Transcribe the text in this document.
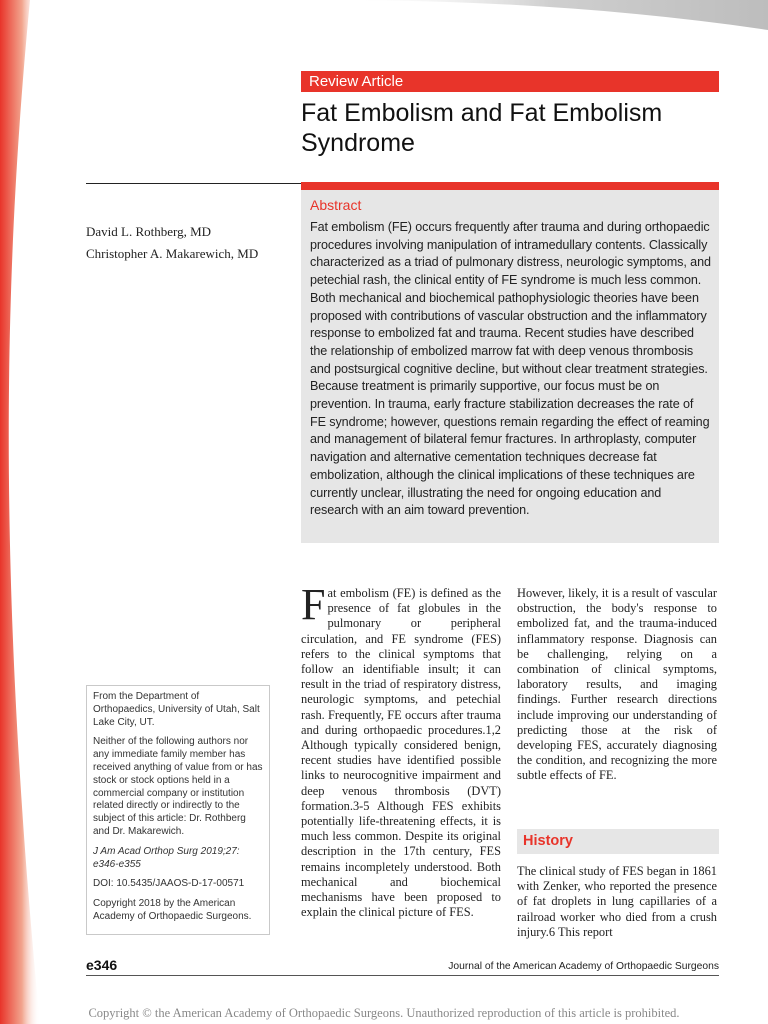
Review Article
Fat Embolism and Fat Embolism Syndrome
Abstract

Fat embolism (FE) occurs frequently after trauma and during orthopaedic procedures involving manipulation of intramedullary contents. Classically characterized as a triad of pulmonary distress, neurologic symptoms, and petechial rash, the clinical entity of FE syndrome is much less common. Both mechanical and biochemical pathophysiologic theories have been proposed with contributions of vascular obstruction and the inflammatory response to embolized fat and trauma. Recent studies have described the relationship of embolized marrow fat with deep venous thrombosis and postsurgical cognitive decline, but without clear treatment strategies. Because treatment is primarily supportive, our focus must be on prevention. In trauma, early fracture stabilization decreases the rate of FE syndrome; however, questions remain regarding the effect of reaming and management of bilateral femur fractures. In arthroplasty, computer navigation and alternative cementation techniques decrease fat embolization, although the clinical implications of these techniques are currently unclear, illustrating the need for ongoing education and research with an aim toward prevention.

David L. Rothberg, MD
Christopher A. Makarewich, MD

From the Department of Orthopaedics, University of Utah, Salt Lake City, UT.

Neither of the following authors nor any immediate family member has received anything of value from or has stock or stock options held in a commercial company or institution related directly or indirectly to the subject of this article: Dr. Rothberg and Dr. Makarewich.

J Am Acad Orthop Surg 2019;27: e346-e355

DOI: 10.5435/JAAOS-D-17-00571

Copyright 2018 by the American Academy of Orthopaedic Surgeons.

Fat embolism (FE) is defined as the presence of fat globules in the pulmonary or peripheral circulation, and FE syndrome (FES) refers to the clinical symptoms that follow an identifiable insult; it can result in the triad of respiratory distress, neurologic symptoms, and petechial rash. Frequently, FE occurs after trauma and during orthopaedic procedures.1,2 Although typically considered benign, recent studies have identified possible links to neurocognitive impairment and deep venous thrombosis (DVT) formation.3-5 Although FES exhibits potentially life-threatening effects, it is much less common. Despite its original description in the 17th century, FES remains incompletely understood. Both mechanical and biochemical mechanisms have been proposed to explain the clinical picture of FES.
However, likely, it is a result of vascular obstruction, the body's response to embolized fat, and the trauma-induced inflammatory response. Diagnosis can be challenging, relying on a combination of clinical symptoms, laboratory results, and imaging findings. Further research directions include improving our understanding of predicting those at the risk of developing FES, accurately diagnosing the condition, and recognizing the more subtle effects of FE.
History
The clinical study of FES began in 1861 with Zenker, who reported the presence of fat droplets in lung capillaries of a railroad worker who died from a crush injury.6 This report
e346	Journal of the American Academy of Orthopaedic Surgeons
Copyright © the American Academy of Orthopaedic Surgeons. Unauthorized reproduction of this article is prohibited.
